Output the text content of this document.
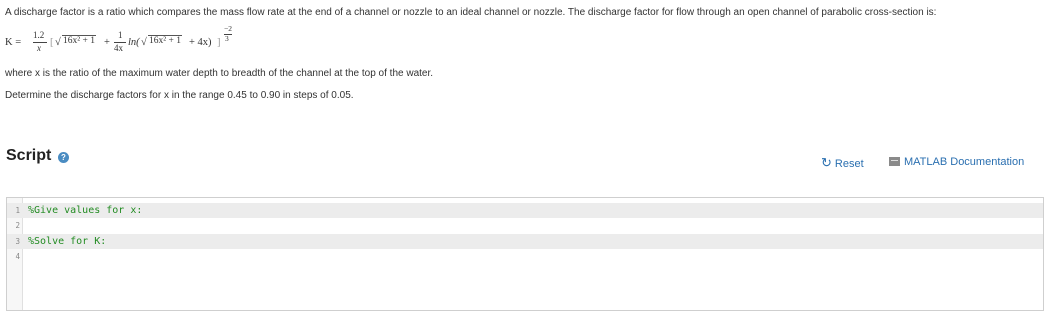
A discharge factor is a ratio which compares the mass flow rate at the end of a channel or nozzle to an ideal channel or nozzle. The discharge factor for flow through an open channel of parabolic cross-section is:
K =
1.2
x [ √ 16x² + 1 +
1
4x ln( √ 16x² + 1 + 4x) ]
−2
3
where x is the ratio of the maximum water depth to breadth of the channel at the top of the water.
Determine the discharge factors for x in the range 0.45 to 0.90 in steps of 0.05.
Script	?	↻ Reset	MATLAB Documentation
1 %Give values for x:
2
3 %Solve for K:
4
